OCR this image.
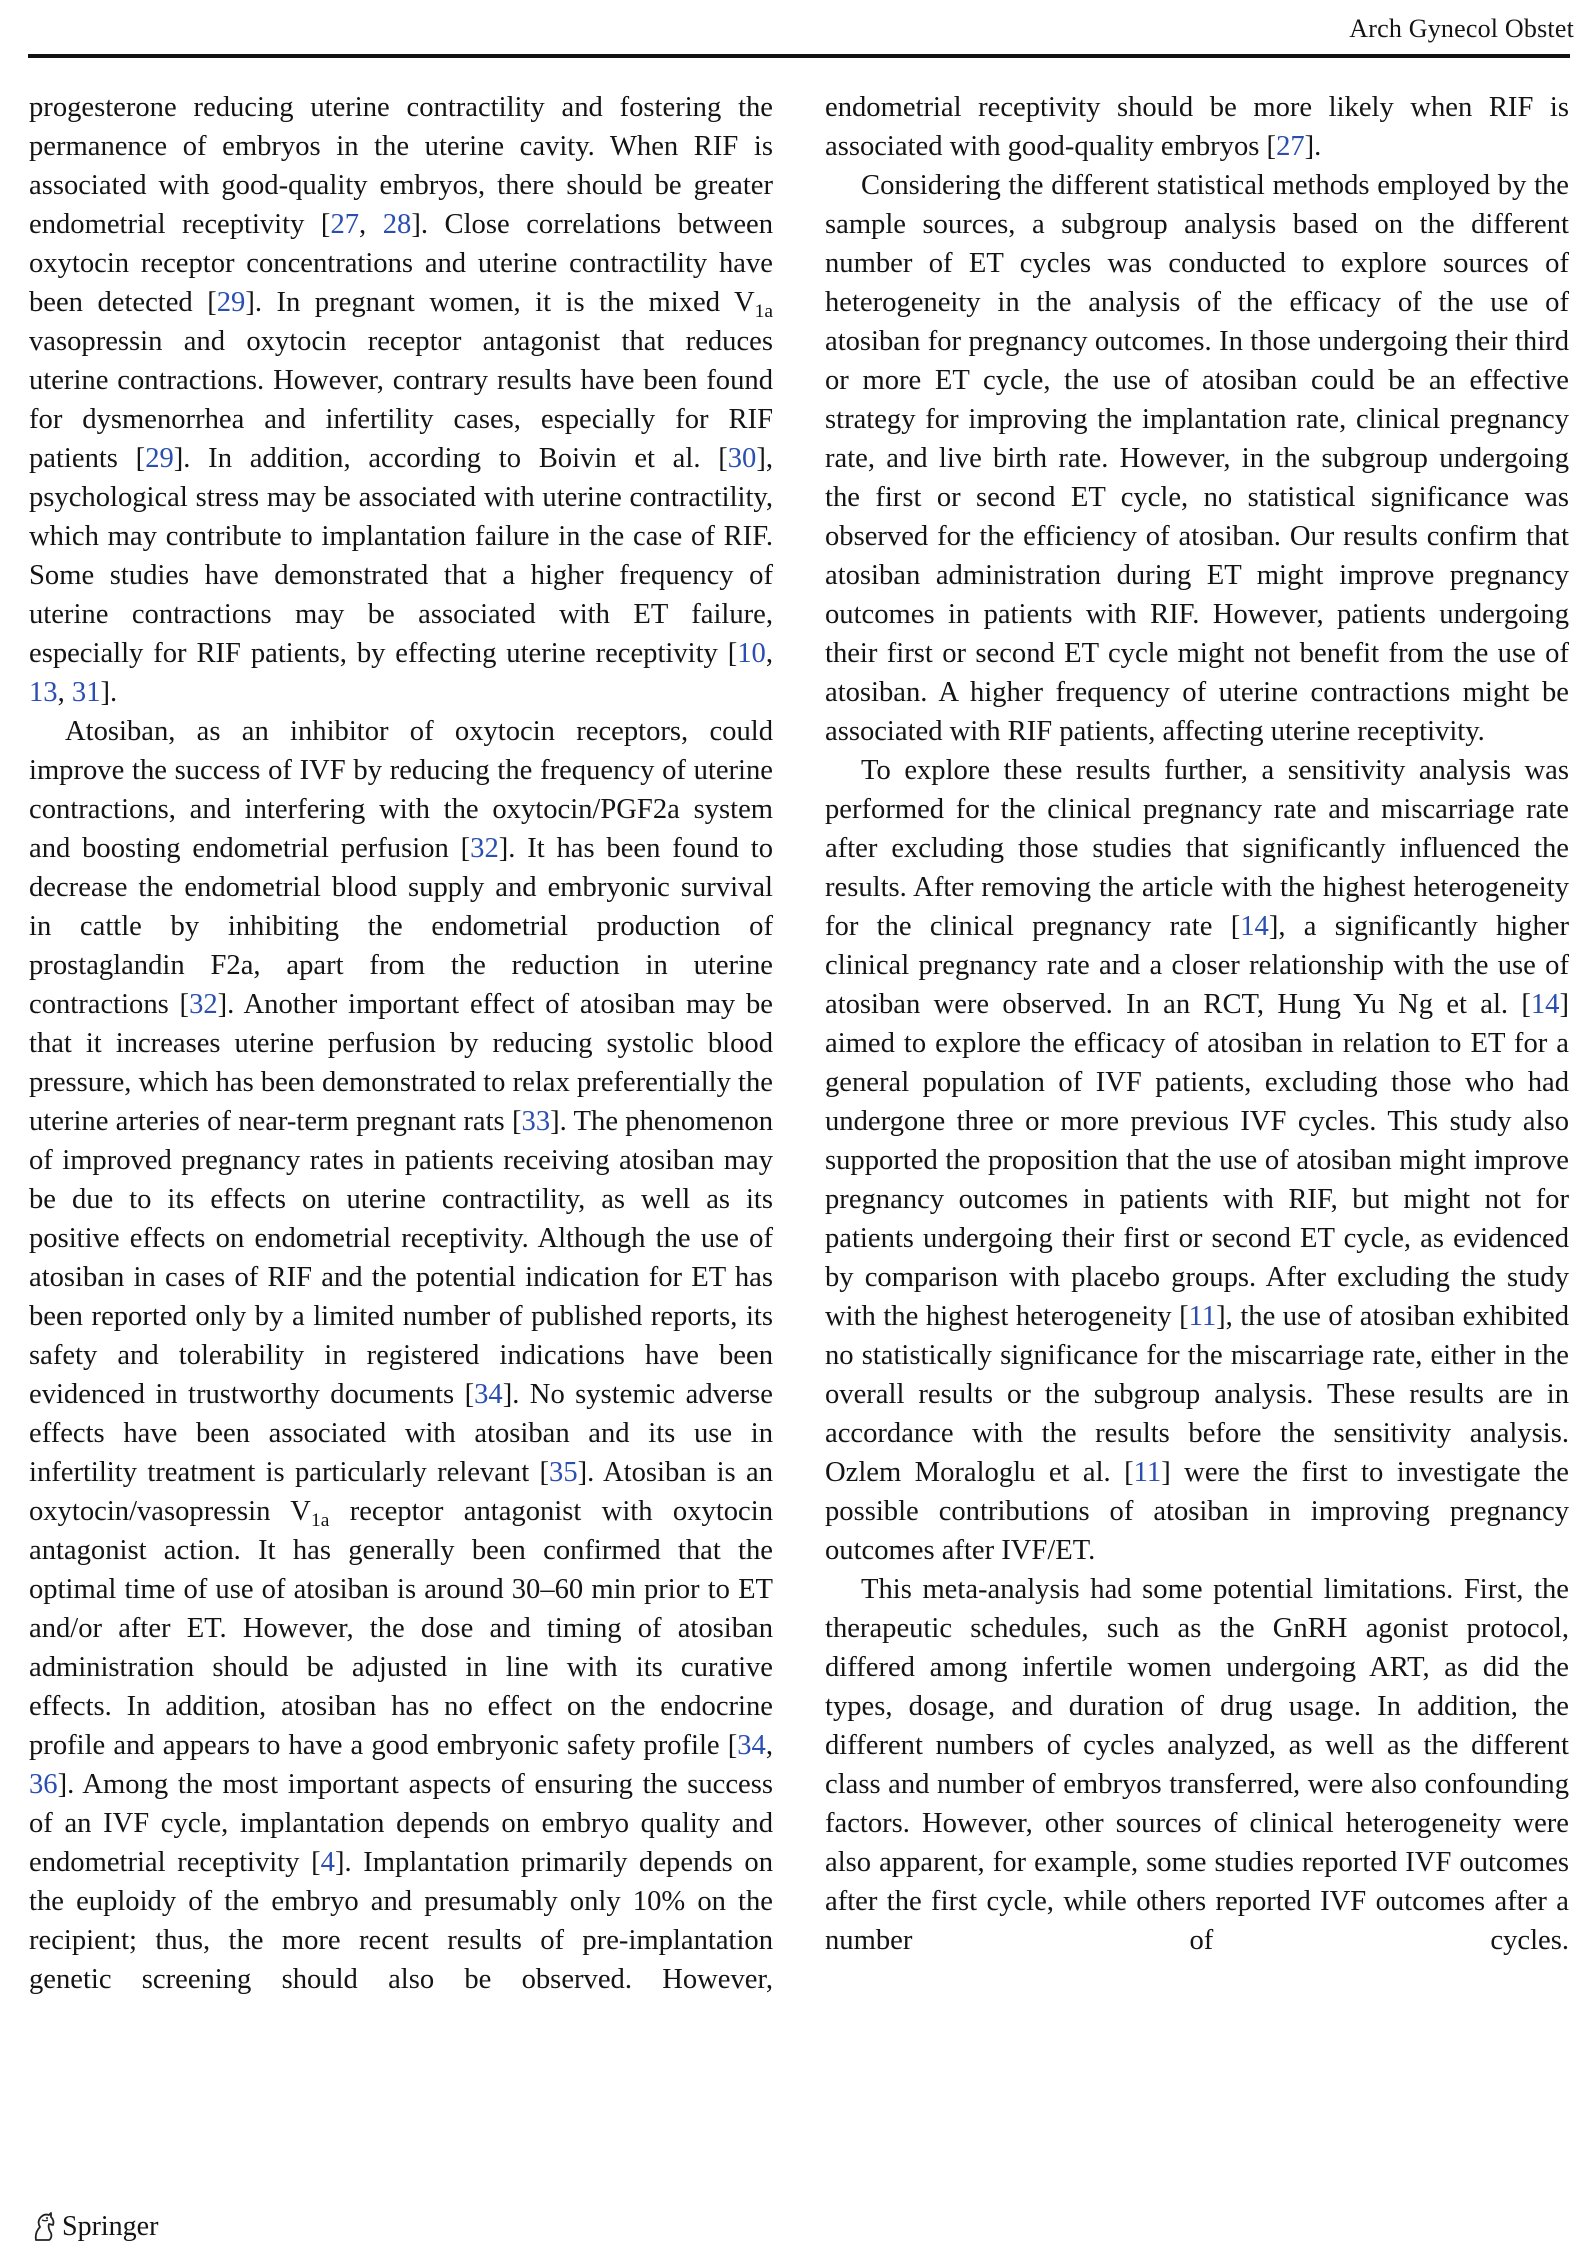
Arch Gynecol Obstet

progesterone reducing uterine contractility and fostering the permanence of embryos in the uterine cavity. When RIF is associated with good-quality embryos, there should be greater endometrial receptivity [27, 28]. Close correlations between oxytocin receptor concentrations and uterine contractility have been detected [29]. In pregnant women, it is the mixed $V_{1a}$ vasopressin and oxytocin receptor antagonist that reduces uterine contractions. However, contrary results have been found for dysmenorrhea and infertility cases, especially for RIF patients [29]. In addition, according to Boivin et al. [30], psychological stress may be associated with uterine contractility, which may contribute to implantation failure in the case of RIF. Some studies have demonstrated that a higher frequency of uterine contractions may be associated with ET failure, especially for RIF patients, by effecting uterine receptivity [10, 13, 31].

Atosiban, as an inhibitor of oxytocin receptors, could improve the success of IVF by reducing the frequency of uterine contractions, and interfering with the oxytocin/PGF2a system and boosting endometrial perfusion [32]. It has been found to decrease the endometrial blood supply and embryonic survival in cattle by inhibiting the endometrial production of prostaglandin F2a, apart from the reduction in uterine contractions [32]. Another important effect of atosiban may be that it increases uterine perfusion by reducing systolic blood pressure, which has been demonstrated to relax preferentially the uterine arteries of near-term pregnant rats [33]. The phenomenon of improved pregnancy rates in patients receiving atosiban may be due to its effects on uterine contractility, as well as its positive effects on endometrial receptivity. Although the use of atosiban in cases of RIF and the potential indication for ET has been reported only by a limited number of published reports, its safety and tolerability in registered indications have been evidenced in trustworthy documents [34]. No systemic adverse effects have been associated with atosiban and its use in infertility treatment is particularly relevant [35]. Atosiban is an oxytocin/vasopressin $V_{1a}$ receptor antagonist with oxytocin antagonist action. It has generally been confirmed that the optimal time of use of atosiban is around 30–60 min prior to ET and/or after ET. However, the dose and timing of atosiban administration should be adjusted in line with its curative effects. In addition, atosiban has no effect on the endocrine profile and appears to have a good embryonic safety profile [34, 36]. Among the most important aspects of ensuring the success of an IVF cycle, implantation depends on embryo quality and endometrial receptivity [4]. Implantation primarily depends on the euploidy of the embryo and presumably only 10% on the recipient; thus, the more recent results of pre-implantation genetic screening should also be observed. However,

endometrial receptivity should be more likely when RIF is associated with good-quality embryos [27].

Considering the different statistical methods employed by the sample sources, a subgroup analysis based on the different number of ET cycles was conducted to explore sources of heterogeneity in the analysis of the efficacy of the use of atosiban for pregnancy outcomes. In those undergoing their third or more ET cycle, the use of atosiban could be an effective strategy for improving the implantation rate, clinical pregnancy rate, and live birth rate. However, in the subgroup undergoing the first or second ET cycle, no statistical significance was observed for the efficiency of atosiban. Our results confirm that atosiban administration during ET might improve pregnancy outcomes in patients with RIF. However, patients undergoing their first or second ET cycle might not benefit from the use of atosiban. A higher frequency of uterine contractions might be associated with RIF patients, affecting uterine receptivity.

To explore these results further, a sensitivity analysis was performed for the clinical pregnancy rate and miscarriage rate after excluding those studies that significantly influenced the results. After removing the article with the highest heterogeneity for the clinical pregnancy rate [14], a significantly higher clinical pregnancy rate and a closer relationship with the use of atosiban were observed. In an RCT, Hung Yu Ng et al. [14] aimed to explore the efficacy of atosiban in relation to ET for a general population of IVF patients, excluding those who had undergone three or more previous IVF cycles. This study also supported the proposition that the use of atosiban might improve pregnancy outcomes in patients with RIF, but might not for patients undergoing their first or second ET cycle, as evidenced by comparison with placebo groups. After excluding the study with the highest heterogeneity [11], the use of atosiban exhibited no statistically significance for the miscarriage rate, either in the overall results or the subgroup analysis. These results are in accordance with the results before the sensitivity analysis. Ozlem Moraloglu et al. [11] were the first to investigate the possible contributions of atosiban in improving pregnancy outcomes after IVF/ET.

This meta-analysis had some potential limitations. First, the therapeutic schedules, such as the GnRH agonist protocol, differed among infertile women undergoing ART, as did the types, dosage, and duration of drug usage. In addition, the different numbers of cycles analyzed, as well as the different class and number of embryos transferred, were also confounding factors. However, other sources of clinical heterogeneity were also apparent, for example, some studies reported IVF outcomes after the first cycle, while others reported IVF outcomes after a number of cycles.

Springer
